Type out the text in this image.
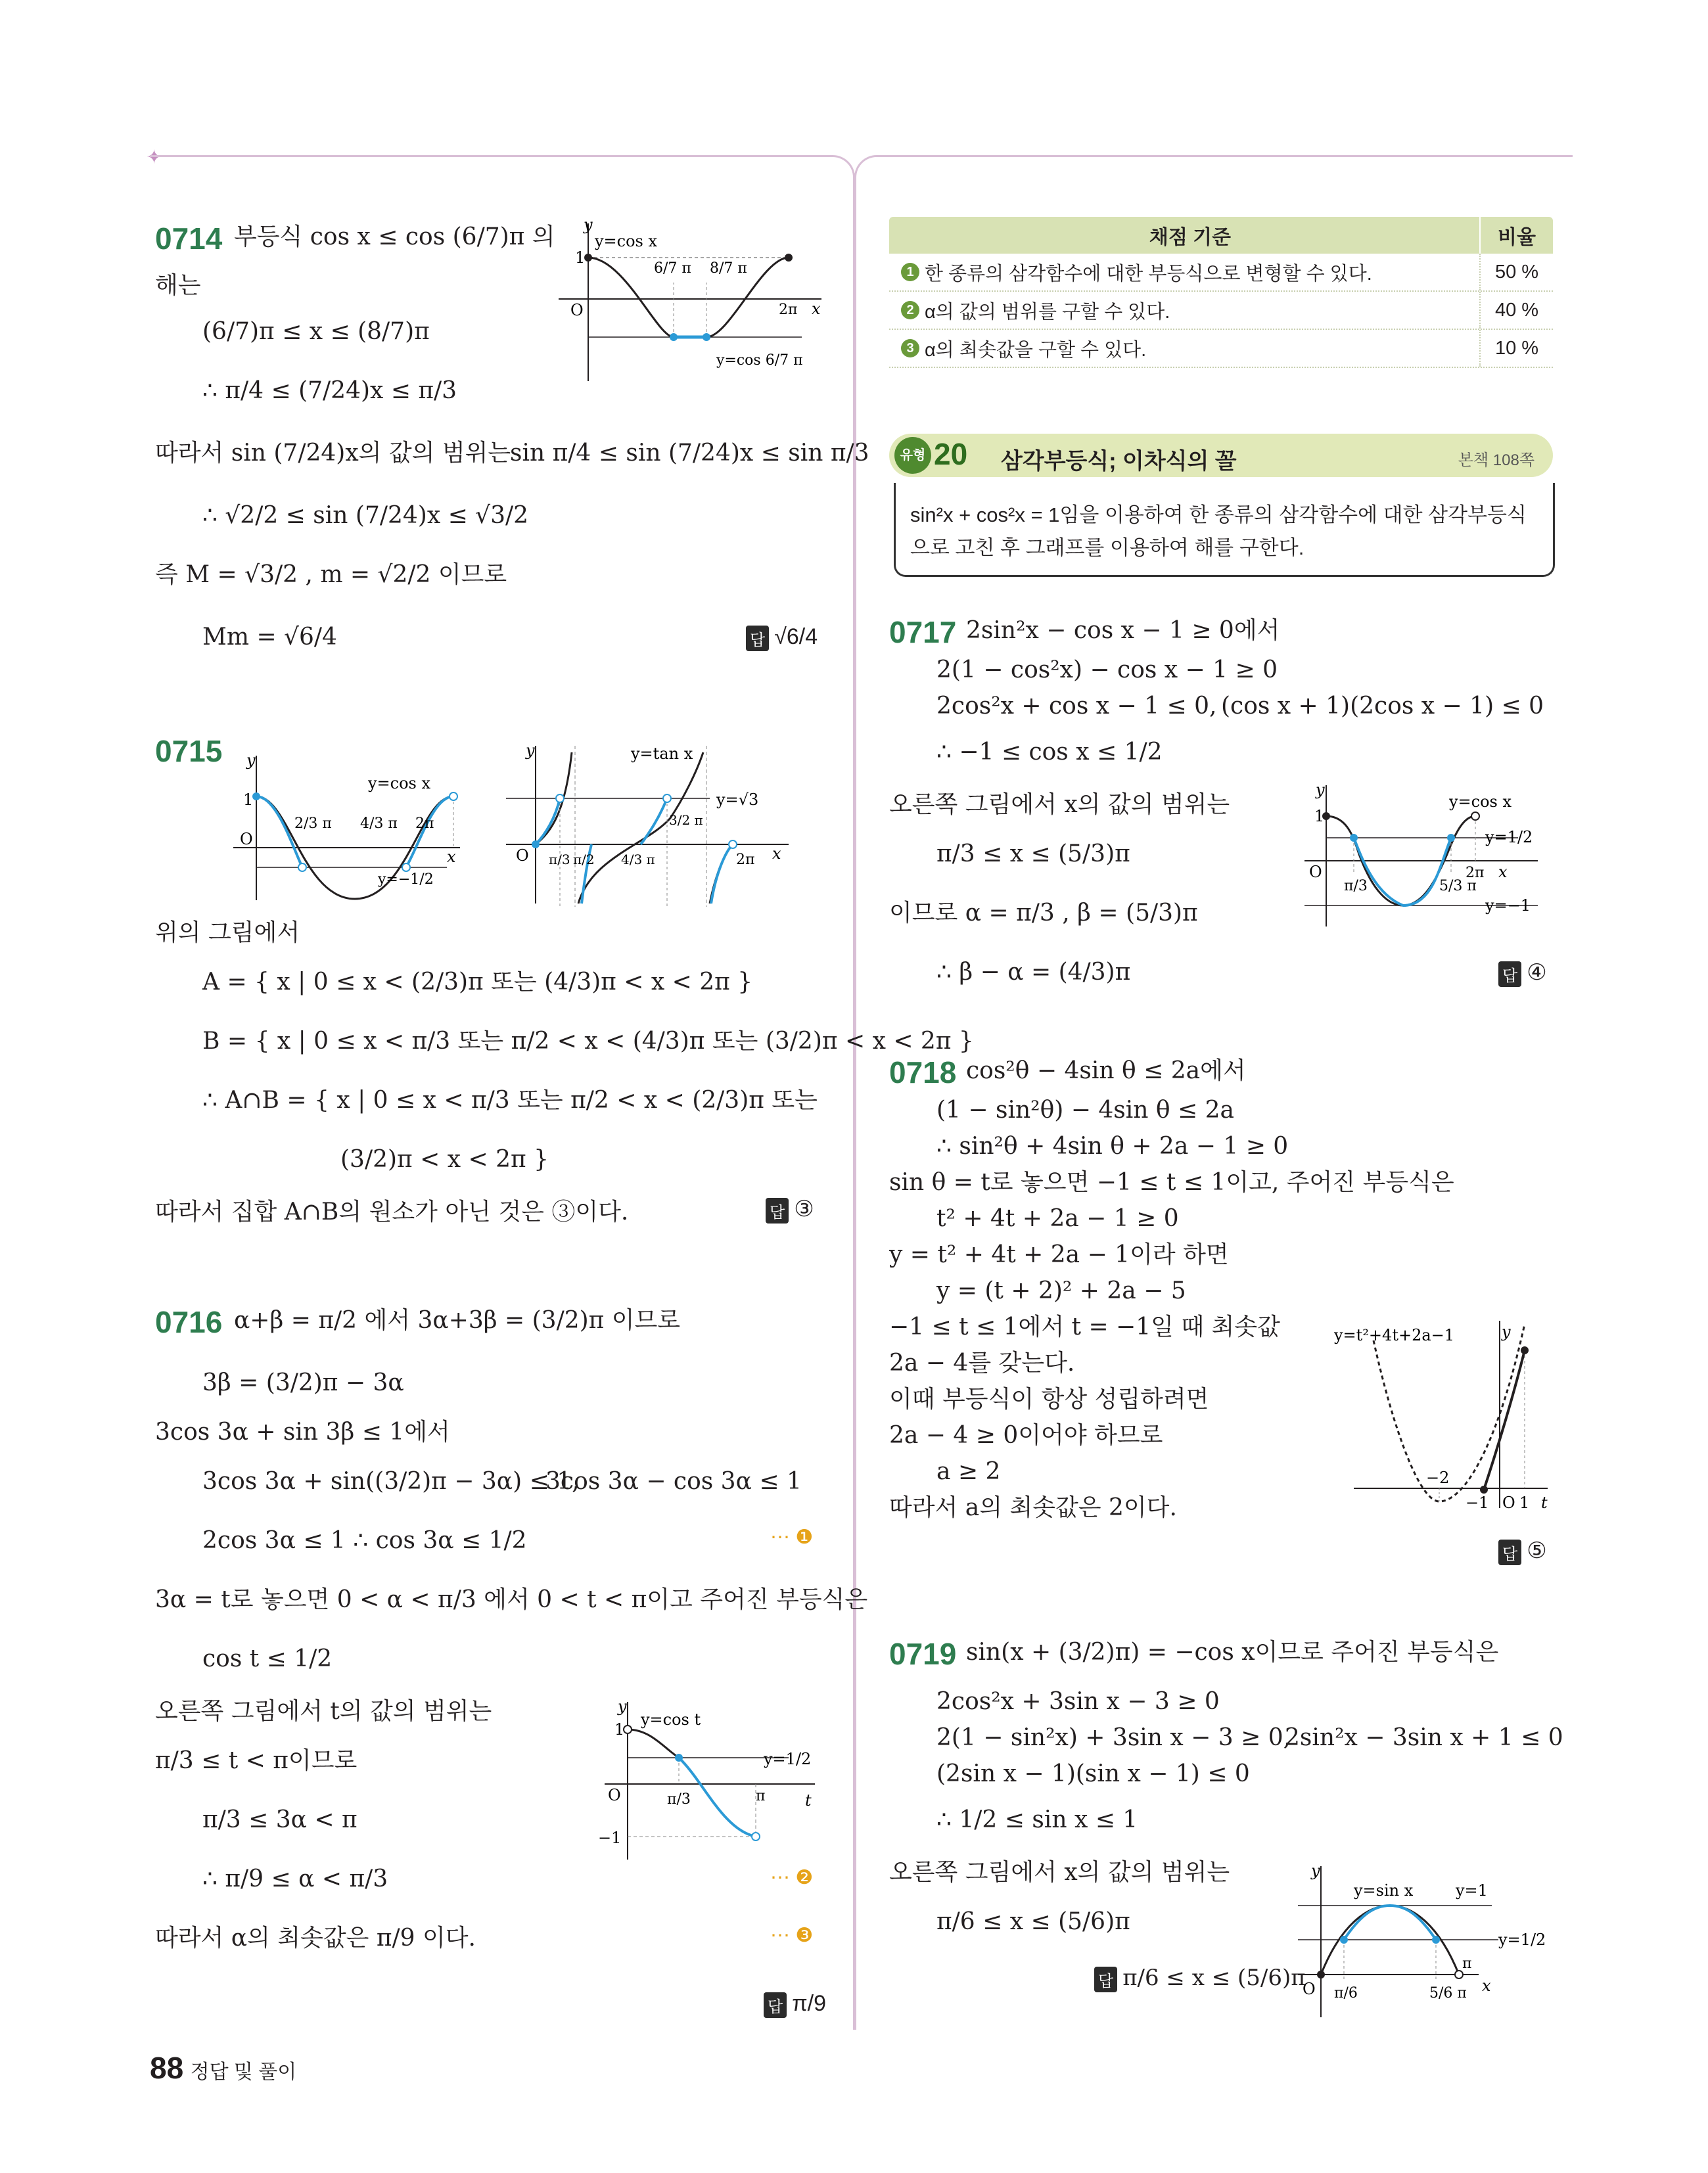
✦
0714 부등식 cos x ≤ cos (6/7)π 의
해는
(6/7)π ≤ x ≤ (8/7)π
∴ π/4 ≤ (7/24)x ≤ π/3
따라서 sin (7/24)x의 값의 범위는
sin π/4 ≤ sin (7/24)x ≤ sin π/3
∴ √2/2 ≤ sin (7/24)x ≤ √3/2
즉 M = √3/2 , m = √2/2 이므로
Mm = √6/4	답 √6/4
y
x
O
1
y=cos x
6/7 π 8/7 π
2π
y=cos 6/7 π
0715 y
x
O
1
y=cos x
2/3 π 4/3 π 2π
y=−1/2
y
x
O
y=tan x
y=√3
π/3 π/2 4/3 π
3/2 π
2π
위의 그림에서
A = { x | 0 ≤ x < (2/3)π 또는 (4/3)π < x < 2π }
B = { x | 0 ≤ x < π/3 또는 π/2 < x < (4/3)π 또는 (3/2)π < x < 2π }
∴ A∩B = { x | 0 ≤ x < π/3 또는 π/2 < x < (2/3)π 또는
(3/2)π < x < 2π }
따라서 집합 A∩B의 원소가 아닌 것은 ③이다.	답 ③
0716 α+β = π/2 에서 3α+3β = (3/2)π 이므로
3β = (3/2)π − 3α
3cos 3α + sin 3β ≤ 1에서
3cos 3α + sin((3/2)π − 3α) ≤ 1,
3cos 3α − cos 3α ≤ 1
2cos 3α ≤ 1 ∴ cos 3α ≤ 1/2	⋯ ❶
3α = t로 놓으면 0 < α < π/3 에서 0 < t < π이고 주어진 부등식은
cos t ≤ 1/2
오른쪽 그림에서 t의 값의 범위는
π/3 ≤ t < π이므로
π/3 ≤ 3α < π
∴ π/9 ≤ α < π/3	⋯ ❷
따라서 α의 최솟값은 π/9 이다.	⋯ ❸
답 π/9
y
t
O
1
−1
y=cos t
y=1/2
π/3	π
채점 기준	비율
1 한 종류의 삼각함수에 대한 부등식으로 변형할 수 있다.	50 %
2 α의 값의 범위를 구할 수 있다.	40 %
3 α의 최솟값을 구할 수 있다.	10 %
유형 20 삼각부등식; 이차식의 꼴	본책 108쪽
sin²x + cos²x = 1임을 이용하여 한 종류의 삼각함수에 대한 삼각부등식
으로 고친 후 그래프를 이용하여 해를 구한다.
0717 2sin²x − cos x − 1 ≥ 0에서
2(1 − cos²x) − cos x − 1 ≥ 0
2cos²x + cos x − 1 ≤ 0, (cos x + 1)(2cos x − 1) ≤ 0
∴ −1 ≤ cos x ≤ 1/2
오른쪽 그림에서 x의 값의 범위는
π/3 ≤ x ≤ (5/3)π
이므로 α = π/3 , β = (5/3)π
∴ β − α = (4/3)π	답 ④
y
x
O
1
y=cos x
y=1/2
y=−1
π/3	5/3 π
2π
0718 cos²θ − 4sin θ ≤ 2a에서
(1 − sin²θ) − 4sin θ ≤ 2a
∴ sin²θ + 4sin θ + 2a − 1 ≥ 0
sin θ = t로 놓으면 −1 ≤ t ≤ 1이고, 주어진 부등식은
t² + 4t + 2a − 1 ≥ 0
y = t² + 4t + 2a − 1이라 하면
y = (t + 2)² + 2a − 5
−1 ≤ t ≤ 1에서 t = −1일 때 최솟값
2a − 4를 갖는다.
이때 부등식이 항상 성립하려면
2a − 4 ≥ 0이어야 하므로
a ≥ 2
따라서 a의 최솟값은 2이다.
답 ⑤
y=t²+4t+2a−1	y
t
−2
−1 O 1
0719 sin(x + (3/2)π) = −cos x이므로 주어진 부등식은
2cos²x + 3sin x − 3 ≥ 0
2(1 − sin²x) + 3sin x − 3 ≥ 0,
2sin²x − 3sin x + 1 ≤ 0
(2sin x − 1)(sin x − 1) ≤ 0
∴ 1/2 ≤ sin x ≤ 1
오른쪽 그림에서 x의 값의 범위는
π/6 ≤ x ≤ (5/6)π
답 π/6 ≤ x ≤ (5/6)π
y
x
O
y=sin x	y=1
y=1/2
π/6	5/6 π
π
88 정답 및 풀이
